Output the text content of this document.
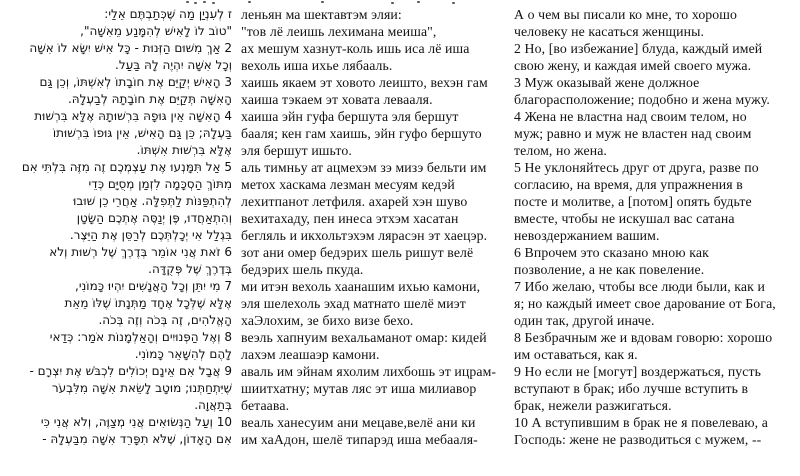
ז לְעִנְיַן מַה שֶּׁכְּתַבְתֶּם אֵלַי:
"טוֹב לוֹ לָאִישׁ לְהִמָּנַע מֵאִשָּׁה",
леньян ма шектавтэм эляи:
"тов лё леишь лехимана меиша",
А о чем вы писали ко мне, то хорошо
человеку не касаться женщины.
2 אַךְ מִשּׁוּם הַזְּנוּת - כָּל אִישׁ יִשָּׂא לוֹ אִשָּׁה
וְכָל אִשָּׁה יִהְיֶה לָהּ בַּעַל.
ах мешум хазнут-коль ишь иса лё иша
вехоль иша ихье лябааль.
2 Но, [во избежание] блуда, каждый имей
свою жену, и каждая имей своего мужа.
3 הָאִישׁ יְקַיֵּם אֶת חוֹבָתוֹ לְאִשְׁתּוֹ, וְכֵן גַּם
הָאִשָּׁה תְּקַיֵּם אֶת חוֹבָתָהּ לְבַעְלָהּ.
хаишь якаем эт ховото леишто, вехэн гам
хаиша тэкаем эт ховата левааля.
3 Муж оказывай жене должное
благорасположение; подобно и жена мужу.
4 הָאִשָּׁה אֵין גּוּפָהּ בִּרְשׁוּתָהּ אֶלָּא בִּרְשׁוּת
בַּעְלָהּ; כֵּן גַּם הָאִישׁ, אֵין גּוּפוֹ בִּרְשׁוּתוֹ
אֶלָּא בִּרְשׁוּת אִשְׁתּוֹ.
хаиша эйн гуфа бершута эля бершут
бааля; кен гам хаишь, эйн гуфо бершуто
эля бершут ишьто.
4 Жена не властна над своим телом, но
муж; равно и муж не властен над своим
телом, но жена.
5 אַל תִּמָּנְעוּ אֶת עַצְמְכֶם זֶה מִזֶּה בִּלְתִּי אִם
מִתּוֹךְ הַסְכָּמָה לִזְמַן מְסֻיָּם כְּדֵי
לְהִתְפַּנּוֹת לַתְּפִלָּה. אַחֲרֵי כֵן שׁוּבוּ
וְהִתְאַחֲדוּ, פֶּן יְנַסֶּה אֶתְכֶם הַשָּׂטָן
בִּגְלַל אִי יְכָלְתְּכֶם לְרַסֵּן אֶת הַיֵּצֶר.
аль тимньу ат ацмехэм зэ мизэ бельти им
метох хаскама лезман месуям кедэй
лехитпанот летфиля. ахарей хэн шуво
вехитахаду, пен инеса этхэм хасатан
бегляль и икхольтэхэм лярасэн эт хаецэр.
5 Не уклоняйтесь друг от друга, разве по
согласию, на время, для упражнения в
посте и молитве, а [потом] опять будьте
вместе, чтобы не искушал вас сатана
невоздержанием вашим.
6 זֹאת אֲנִי אוֹמֵר בְּדֶרֶךְ שֶׁל רְשׁוּת וְלֹא
בְּדֶרֶךְ שֶׁל פְּקֻדָּה.
зот ани омер бедэрих шель ришут велё
бедэрих шель пкуда.
6 Впрочем это сказано мною как
позволение, а не как повеление.
7 מִי יִתֵּן וְכָל הָאֲנָשִׁים יִהְיוּ כָּמוֹנִי,
אֶלָּא שֶׁלְּכָל אֶחָד מַתְּנָתוֹ שֶׁלּוֹ מֵאֵת
הָאֱלֹהִים, זֶה בְּכֹה וְזֶה בְּכֹה.
ми итэн вехоль хаанашим ихью камони,
эля шелехоль эхад матнато шелё миэт
хаЭлохим, зе бихо визе бехо.
7 Ибо желаю, чтобы все люди были, как и
я; но каждый имеет свое дарование от Бога,
один так, другой иначе.
8 וְאֶל הַפְּנוּיִים וְהָאַלְמָנוֹת אֹמַר: כְּדַאי
לָהֶם לְהִשָּׁאֵר כָּמוֹנִי.
веэль хапнуим вехальаманот омар: кидей
лахэм леашаэр камони.
8 Безбрачным же и вдовам говорю: хорошо
им оставаться, как я.
9 אֲבָל אִם אֵינָם יְכוֹלִים לִכְבֹּשׁ אֶת יִצְרָם -
שֶׁיִּתְחַתְּנוּ; מוּטָב לָשֵׂאת אִשָּׁה מִלִּבְעֹר
בְּתַאֲוָה.
аваль им эйнам яхолим лихбошь эт ицрам-
шиитхатну; мутав ляс эт иша милиавор
бетаава.
9 Но если не [могут] воздержаться, пусть
вступают в брак; ибо лучше вступить в
брак, нежели разжигаться.
10 וְעַל הַנְּשׂוּאִים אֲנִי מְצַוֶּה, וְלֹא אֲנִי כִּי
אִם הָאָדוֹן, שֶׁלֹּא תִפָּרֵד אִשָּׁה מִבַּעְלָהּ -
веаль ханесуим ани мецаве,велё ани ки
им хаАдон, шелё типарэд иша мебааля-
10 А вступившим в брак не я повелеваю, а
Господь: жене не разводиться с мужем, --
